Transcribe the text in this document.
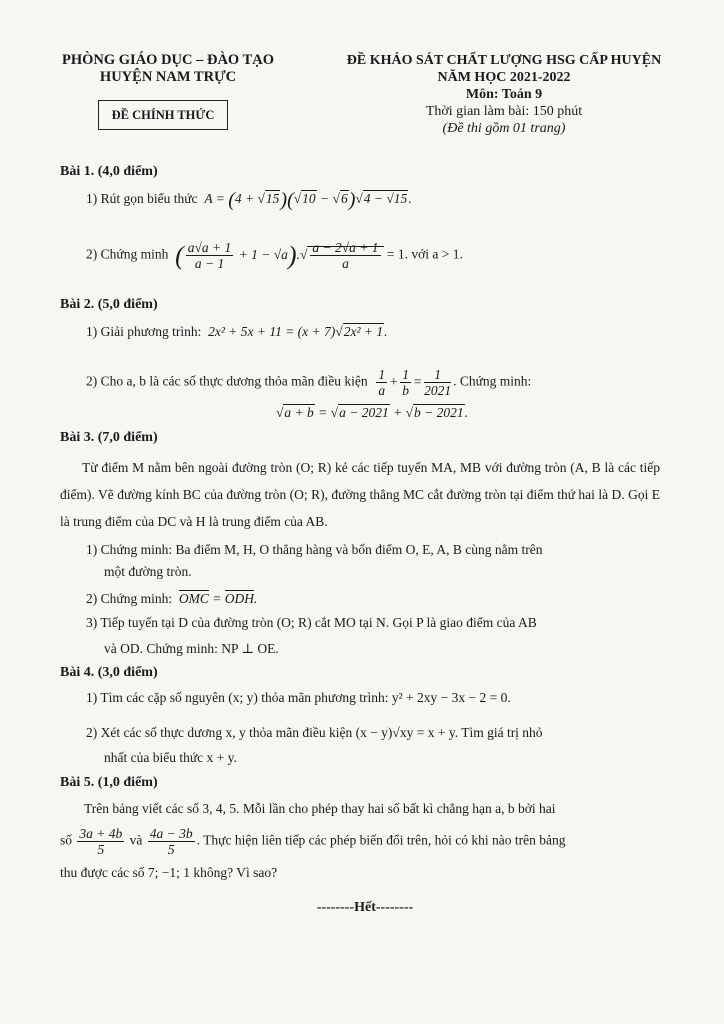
PHÒNG GIÁO DỤC – ĐÀO TẠO
HUYỆN NAM TRỰC
ĐỀ CHÍNH THỨC
ĐỀ KHẢO SÁT CHẤT LƯỢNG HSG CẤP HUYỆN
NĂM HỌC 2021-2022
Môn: Toán 9
Thời gian làm bài: 150 phút
(Đề thi gồm 01 trang)
Bài 1. (4,0 điểm)
1) Rút gọn biểu thức  A = (4 + √15)(√10 − √6)√4 − √15.
2) Chứng minh ( $\frac{a√a + 1}{a - 1} + 1 - √a).√ \frac{a - 2√a + 1}{a} = 1$. với a > 1.
Bài 2. (5,0 điểm)
1) Giải phương trình:  2x² + 5x + 11 = (x + 7)√2x² + 1.
2) Cho a, b là các số thực dương thỏa mãn điều kiện $\frac{1}{a} + \frac{1}{b} = \frac{1}{2021}$ . Chứng minh:
√a + b = √a − 2021 + √b − 2021.
Bài 3. (7,0 điểm)
Từ điểm M nằm bên ngoài đường tròn (O; R) kẻ các tiếp tuyến MA, MB với đường tròn (A, B là các tiếp điểm). Vẽ đường kính BC của đường tròn (O; R), đường thẳng MC cắt đường tròn tại điểm thứ hai là D. Gọi E là trung điểm của DC và H là trung điểm của AB.
1) Chứng minh: Ba điểm M, H, O thẳng hàng và bốn điểm O, E, A, B cùng nằm trên
một đường tròn.
2) Chứng minh: OMC = ODH.
3) Tiếp tuyến tại D của đường tròn (O; R) cắt MO tại N. Gọi P là giao điểm của AB
và OD. Chứng minh: NP ⊥ OE.
Bài 4. (3,0 điểm)
1) Tìm các cặp số nguyên (x; y) thỏa mãn phương trình: y² + 2xy − 3x − 2 = 0.
2) Xét các số thực dương x, y thỏa mãn điều kiện (x − y)√xy = x + y. Tìm giá trị nhỏ
nhất của biểu thức x + y.
Bài 5. (1,0 điểm)
Trên bảng viết các số 3, 4, 5. Mỗi lần cho phép thay hai số bất kì chẳng hạn a, b bởi hai
số $\frac{3a + 4b}{5}$ và $\frac{4a - 3b}{5}$ . Thực hiện liên tiếp các phép biến đổi trên, hỏi có khi nào trên bảng
thu được các số 7; −1; 1 không? Vì sao?
--------Hết--------
